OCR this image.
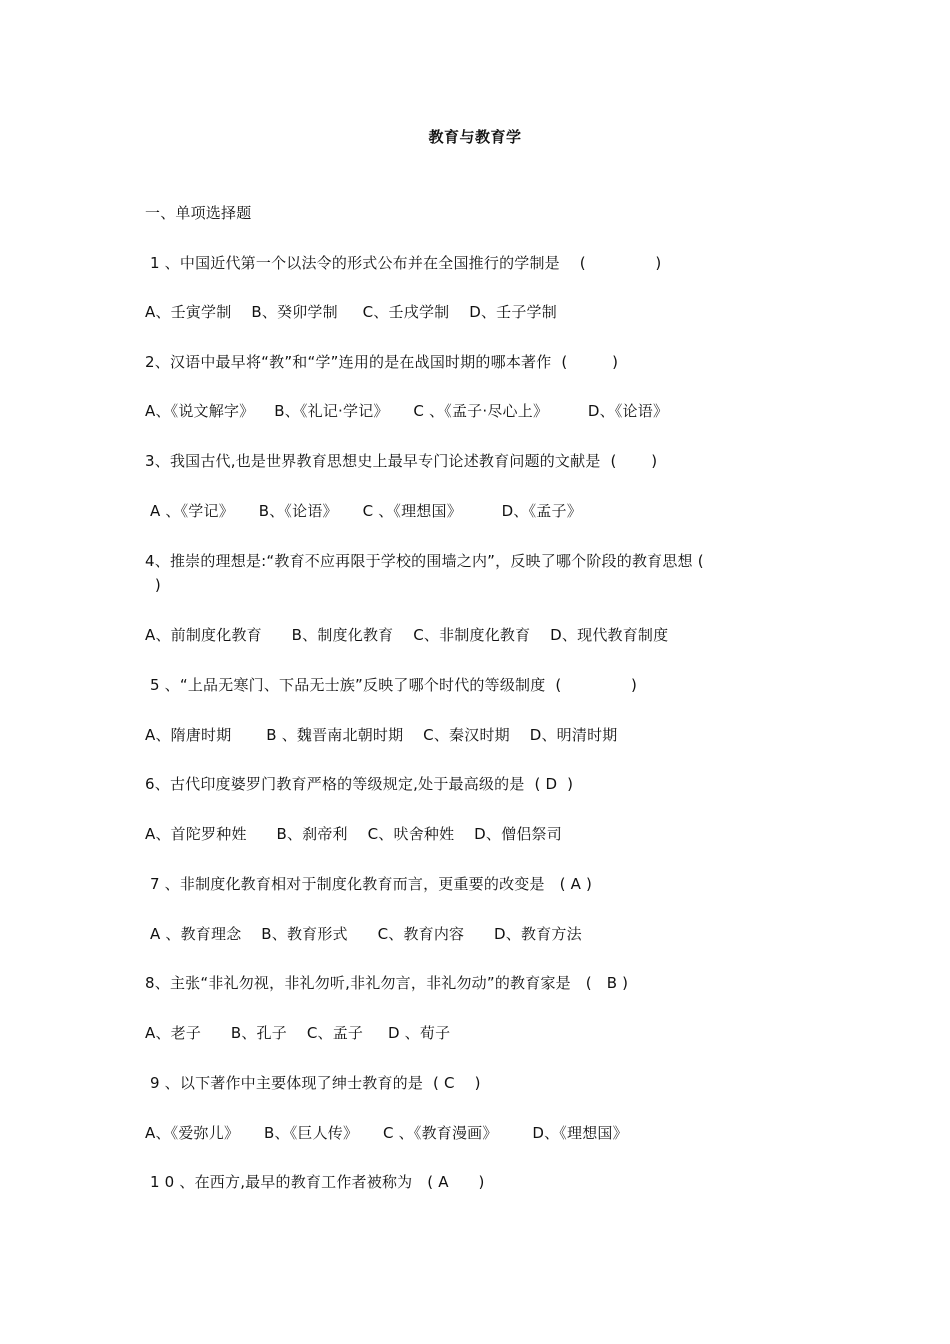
教育与教育学
一、单项选择题
1 、中国近代第一个以法令的形式公布并在全国推行的学制是    (              )
A、壬寅学制    B、癸卯学制     C、壬戌学制    D、壬子学制
2、汉语中最早将“教”和“学”连用的是在战国时期的哪本著作  (         )
A、《说文解字》    B、《礼记·学记》     C 、《孟子·尽心上》        D、《论语》
3、我国古代,也是世界教育思想史上最早专门论述教育问题的文献是  (       )
A 、《学记》     B、《论语》     C 、《理想国》        D、《孟子》
4、推崇的理想是:“教育不应再限于学校的围墙之内”，反映了哪个阶段的教育思想 (
)
A、前制度化教育      B、制度化教育    C、非制度化教育    D、现代教育制度
5 、“上品无寒门、下品无士族”反映了哪个时代的等级制度  (              )
A、隋唐时期       B 、魏晋南北朝时期    C、秦汉时期    D、明清时期
6、古代印度婆罗门教育严格的等级规定,处于最高级的是  ( D  )
A、首陀罗种姓      B、刹帝利    C、吠舍种姓    D、僧侣祭司
7 、非制度化教育相对于制度化教育而言，更重要的改变是   ( A )
A 、教育理念    B、教育形式      C、教育内容      D、教育方法
8、主张“非礼勿视，非礼勿听,非礼勿言，非礼勿动”的教育家是   (   B )
A、老子      B、孔子    C、孟子     D 、荀子
9 、以下著作中主要体现了绅士教育的是  ( C    )
A、《爱弥儿》     B、《巨人传》     C 、《教育漫画》       D、《理想国》
1 0 、在西方,最早的教育工作者被称为   ( A      )
